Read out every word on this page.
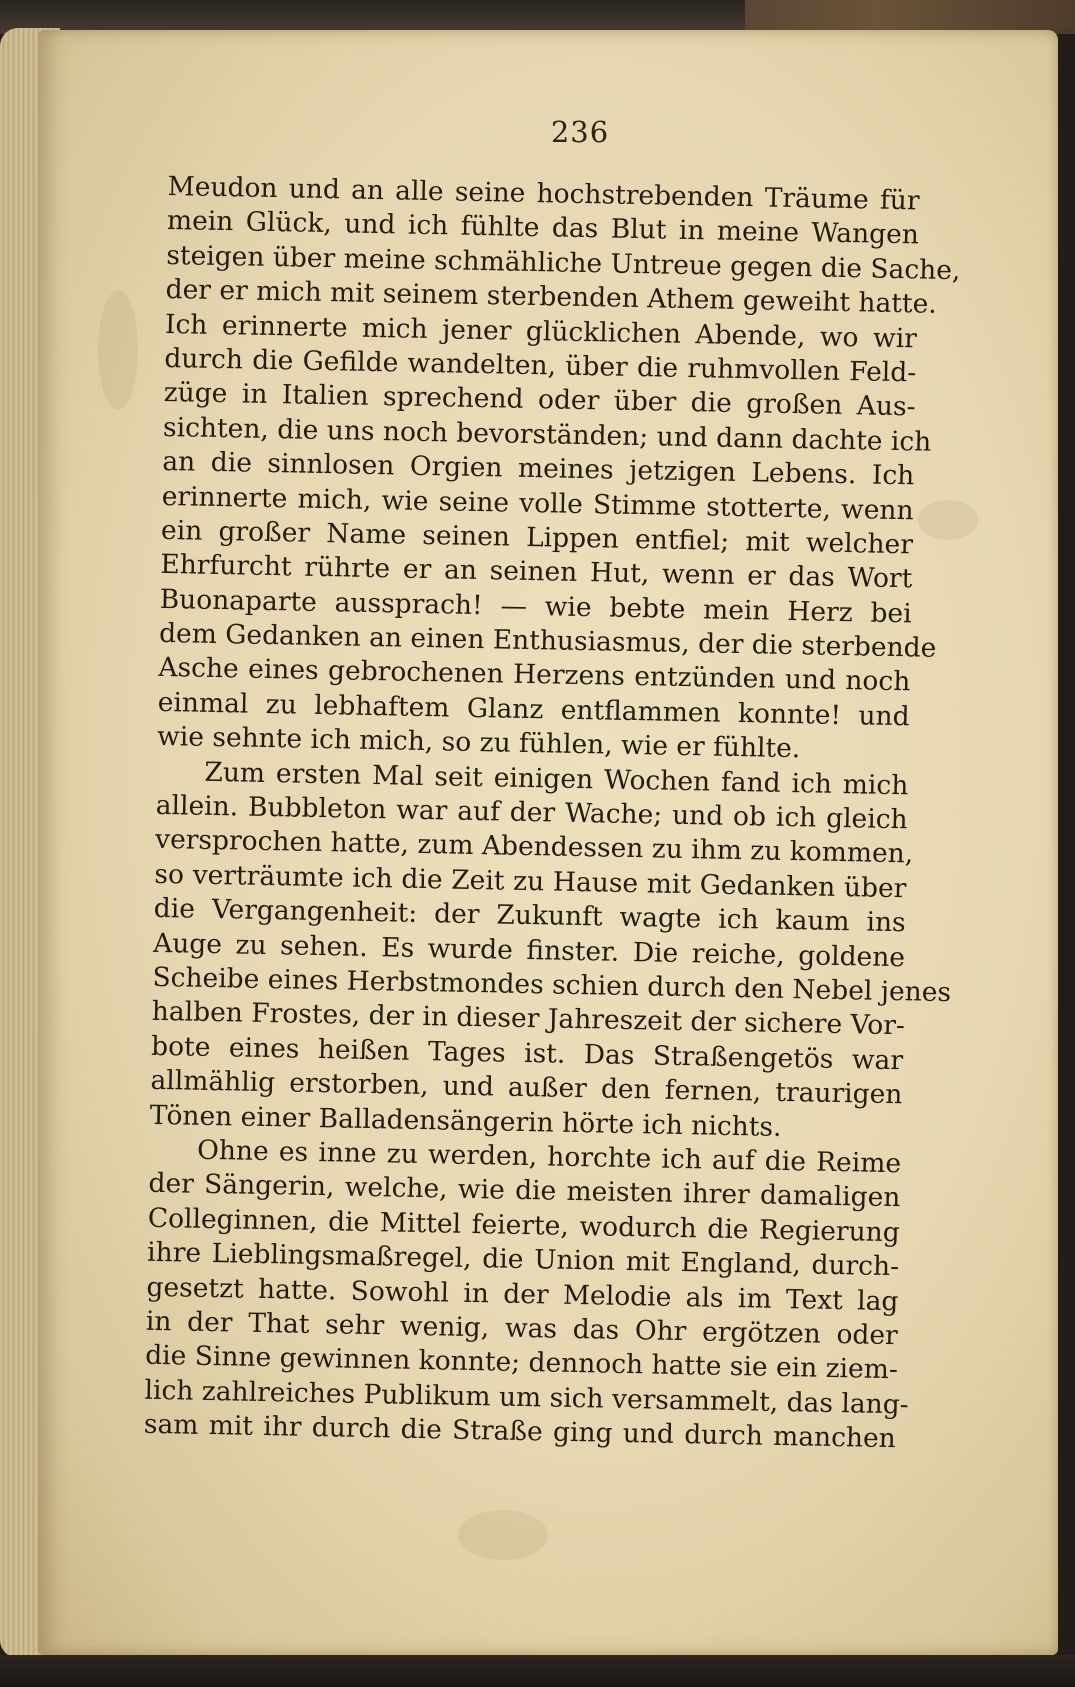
236
Meudon und an alle seine hochstrebenden Träume für
mein Glück, und ich fühlte das Blut in meine Wangen
steigen über meine schmähliche Untreue gegen die Sache,
der er mich mit seinem sterbenden Athem geweiht hatte.
Ich erinnerte mich jener glücklichen Abende, wo wir
durch die Gefilde wandelten, über die ruhmvollen Feld-
züge in Italien sprechend oder über die großen Aus-
sichten, die uns noch bevorständen; und dann dachte ich
an die sinnlosen Orgien meines jetzigen Lebens. Ich
erinnerte mich, wie seine volle Stimme stotterte, wenn
ein großer Name seinen Lippen entfiel; mit welcher
Ehrfurcht rührte er an seinen Hut, wenn er das Wort
Buonaparte aussprach! — wie bebte mein Herz bei
dem Gedanken an einen Enthusiasmus, der die sterbende
Asche eines gebrochenen Herzens entzünden und noch
einmal zu lebhaftem Glanz entflammen konnte! und
wie sehnte ich mich, so zu fühlen, wie er fühlte.
Zum ersten Mal seit einigen Wochen fand ich mich
allein. Bubbleton war auf der Wache; und ob ich gleich
versprochen hatte, zum Abendessen zu ihm zu kommen,
so verträumte ich die Zeit zu Hause mit Gedanken über
die Vergangenheit: der Zukunft wagte ich kaum ins
Auge zu sehen. Es wurde finster. Die reiche, goldene
Scheibe eines Herbstmondes schien durch den Nebel jenes
halben Frostes, der in dieser Jahreszeit der sichere Vor-
bote eines heißen Tages ist. Das Straßengetös war
allmählig erstorben, und außer den fernen, traurigen
Tönen einer Balladensängerin hörte ich nichts.
Ohne es inne zu werden, horchte ich auf die Reime
der Sängerin, welche, wie die meisten ihrer damaligen
Colleginnen, die Mittel feierte, wodurch die Regierung
ihre Lieblingsmaßregel, die Union mit England, durch-
gesetzt hatte. Sowohl in der Melodie als im Text lag
in der That sehr wenig, was das Ohr ergötzen oder
die Sinne gewinnen konnte; dennoch hatte sie ein ziem-
lich zahlreiches Publikum um sich versammelt, das lang-
sam mit ihr durch die Straße ging und durch manchen
